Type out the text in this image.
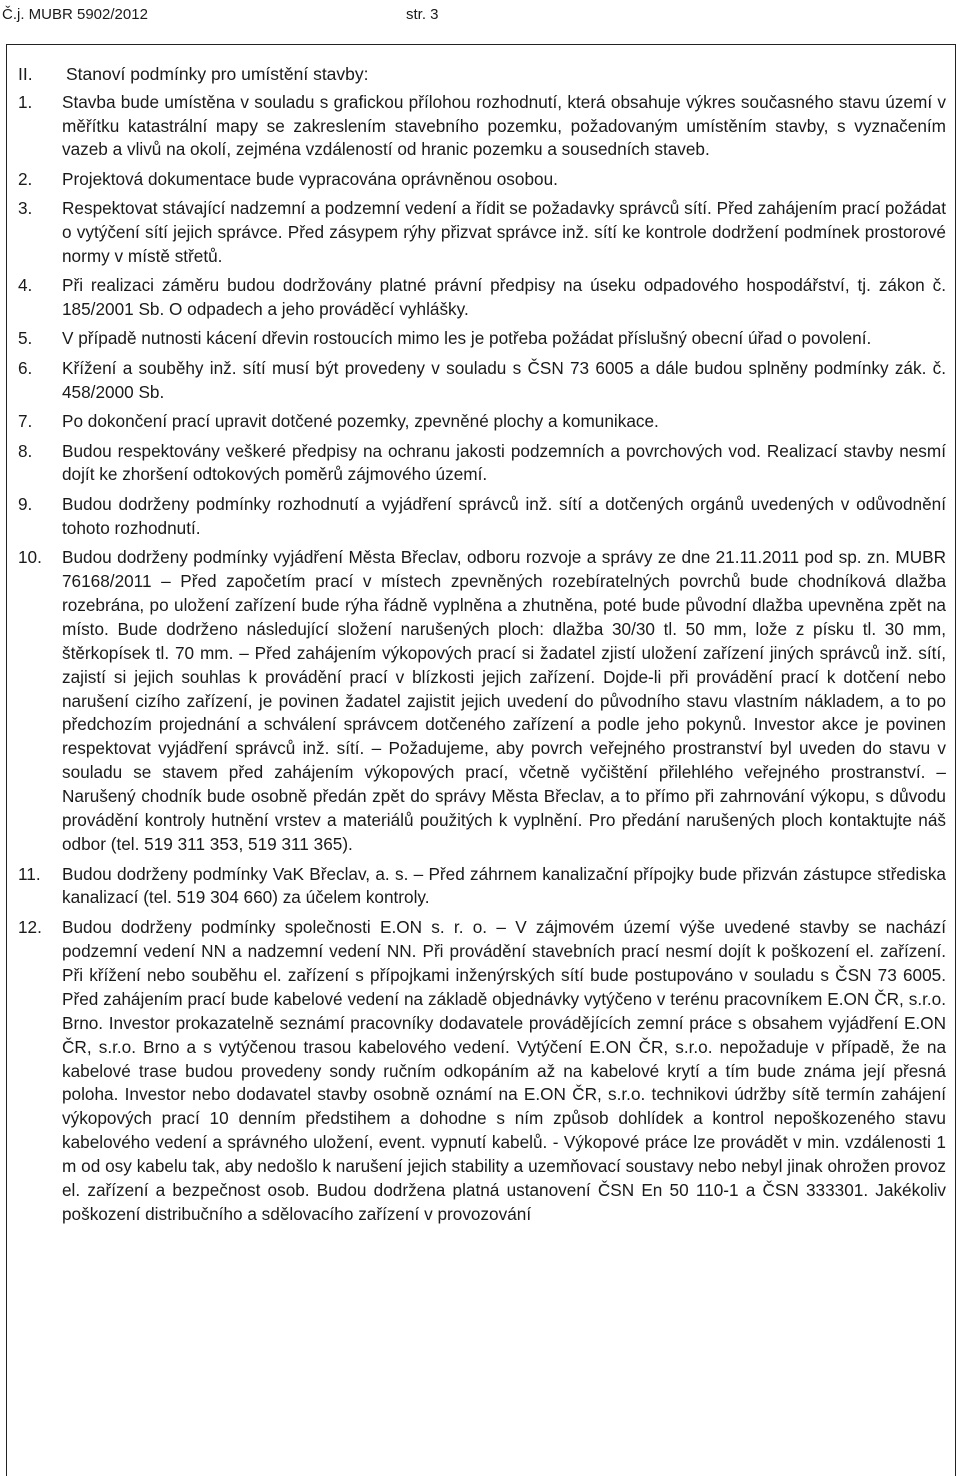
Č.j. MUBR 5902/2012	str. 3
II. Stanoví podmínky pro umístění stavby:
1.	Stavba bude umístěna v souladu s grafickou přílohou rozhodnutí, která obsahuje výkres současného stavu území v měřítku katastrální mapy se zakreslením stavebního pozemku, požadovaným umístěním stavby, s vyznačením vazeb a vlivů na okolí, zejména vzdáleností od hranic pozemku a sousedních staveb.
2.	Projektová dokumentace bude vypracována oprávněnou osobou.
3.	Respektovat stávající nadzemní a podzemní vedení a řídit se požadavky správců sítí. Před zahájením prací požádat o vytýčení sítí jejich správce. Před zásypem rýhy přizvat správce inž. sítí ke kontrole dodržení podmínek prostorové normy v místě střetů.
4.	Při realizaci záměru budou dodržovány platné právní předpisy na úseku odpadového hospodářství, tj. zákon č. 185/2001 Sb. O odpadech a jeho prováděcí vyhlášky.
5.	V případě nutnosti kácení dřevin rostoucích mimo les je potřeba požádat příslušný obecní úřad o povolení.
6.	Křížení a souběhy inž. sítí musí být provedeny v souladu s ČSN 73 6005 a dále budou splněny podmínky zák. č. 458/2000 Sb.
7.	Po dokončení prací upravit dotčené pozemky, zpevněné plochy a komunikace.
8.	Budou respektovány veškeré předpisy na ochranu jakosti podzemních a povrchových vod. Realizací stavby nesmí dojít ke zhoršení odtokových poměrů zájmového území.
9.	Budou dodrženy podmínky rozhodnutí a vyjádření správců inž. sítí a dotčených orgánů uvedených v odůvodnění tohoto rozhodnutí.
10.	Budou dodrženy podmínky vyjádření Města Břeclav, odboru rozvoje a správy ze dne 21.11.2011 pod sp. zn. MUBR 76168/2011 – Před započetím prací v místech zpevněných rozebíratelných povrchů bude chodníková dlažba rozebrána, po uložení zařízení bude rýha řádně vyplněna a zhutněna, poté bude původní dlažba upevněna zpět na místo. Bude dodrženo následující složení narušených ploch: dlažba 30/30 tl. 50 mm, lože z písku tl. 30 mm, štěrkopísek tl. 70 mm. – Před zahájením výkopových prací si žadatel zjistí uložení zařízení jiných správců inž. sítí, zajistí si jejich souhlas k provádění prací v blízkosti jejich zařízení. Dojde-li při provádění prací k dotčení nebo narušení cizího zařízení, je povinen žadatel zajistit jejich uvedení do původního stavu vlastním nákladem, a to po předchozím projednání a schválení správcem dotčeného zařízení a podle jeho pokynů. Investor akce je povinen respektovat vyjádření správců inž. sítí. – Požadujeme, aby povrch veřejného prostranství byl uveden do stavu v souladu se stavem před zahájením výkopových prací, včetně vyčištění přilehlého veřejného prostranství. – Narušený chodník bude osobně předán zpět do správy Města Břeclav, a to přímo při zahrnování výkopu, s důvodu provádění kontroly hutnění vrstev a materiálů použitých k vyplnění. Pro předání narušených ploch kontaktujte náš odbor (tel. 519 311 353, 519 311 365).
11.	Budou dodrženy podmínky VaK Břeclav, a. s. – Před záhrnem kanalizační přípojky bude přizván zástupce střediska kanalizací (tel. 519 304 660) za účelem kontroly.
12.	Budou dodrženy podmínky společnosti E.ON s. r. o. – V zájmovém území výše uvedené stavby se nachází podzemní vedení NN a nadzemní vedení NN. Při provádění stavebních prací nesmí dojít k poškození el. zařízení. Při křížení nebo souběhu el. zařízení s přípojkami inženýrských sítí bude postupováno v souladu s ČSN 73 6005. Před zahájením prací bude kabelové vedení na základě objednávky vytýčeno v terénu pracovníkem E.ON ČR, s.r.o. Brno. Investor prokazatelně seznámí pracovníky dodavatele provádějících zemní práce s obsahem vyjádření E.ON ČR, s.r.o. Brno a s vytýčenou trasou kabelového vedení. Vytýčení E.ON ČR, s.r.o. nepožaduje v případě, že na kabelové trase budou provedeny sondy ručním odkopáním až na kabelové krytí a tím bude známa její přesná poloha. Investor nebo dodavatel stavby osobně oznámí na E.ON ČR, s.r.o. technikovi údržby sítě termín zahájení výkopových prací 10 denním předstihem a dohodne s ním způsob dohlídek a kontrol nepoškozeného stavu kabelového vedení a správného uložení, event. vypnutí kabelů. - Výkopové práce lze provádět v min. vzdálenosti 1 m od osy kabelu tak, aby nedošlo k narušení jejich stability a uzemňovací soustavy nebo nebyl jinak ohrožen provoz el. zařízení a bezpečnost osob. Budou dodržena platná ustanovení ČSN En 50 110-1 a ČSN 333301. Jakékoliv poškození distribučního a sdělovacího zařízení v provozování
